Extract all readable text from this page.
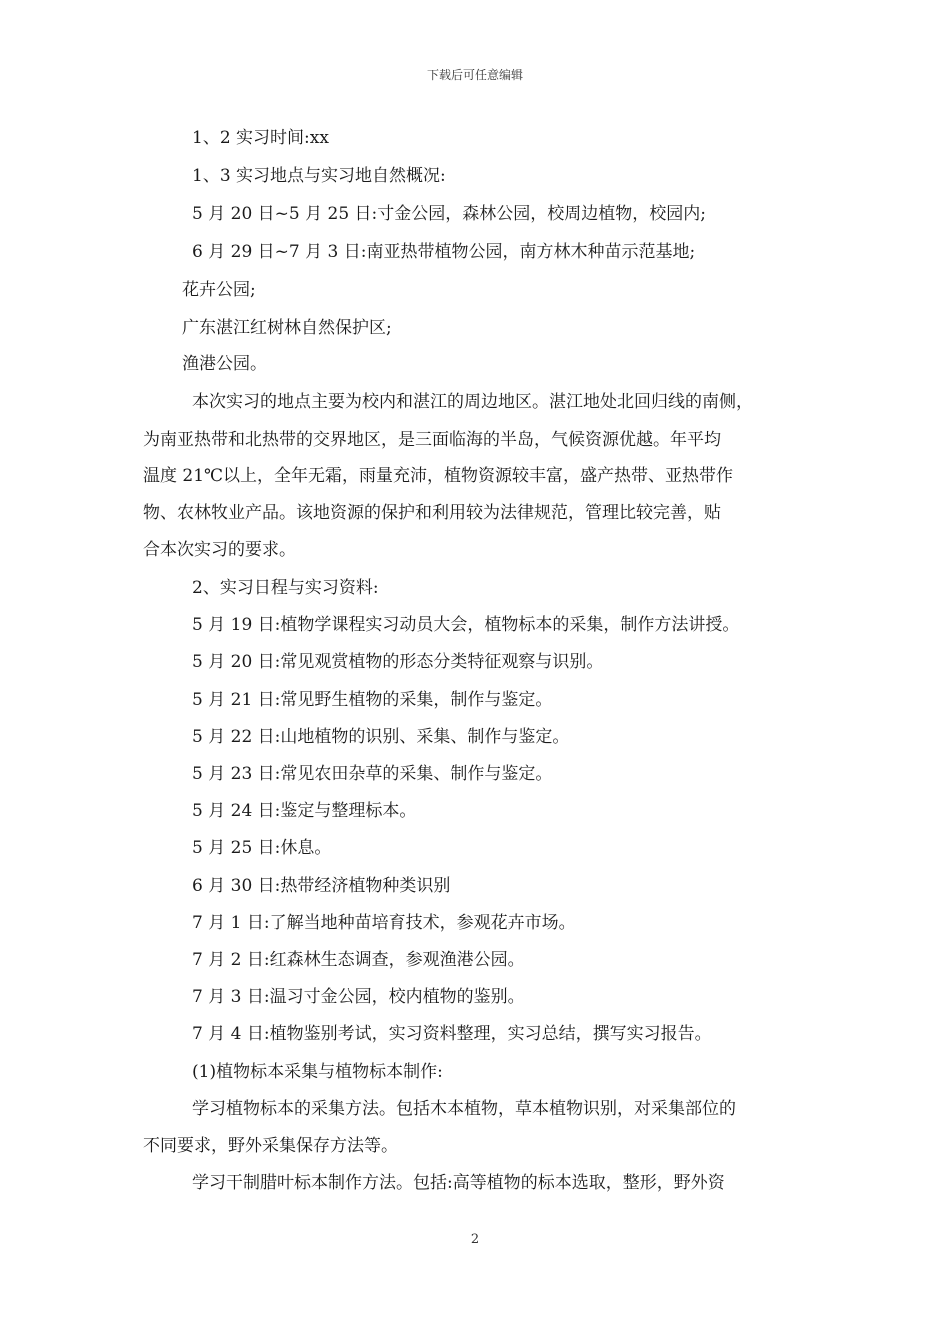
下载后可任意编辑
1、2 实习时间:xx
1、3 实习地点与实习地自然概况:
5 月 20 日~5 月 25 日:寸金公园，森林公园，校周边植物，校园内;
6 月 29 日~7 月 3 日:南亚热带植物公园，南方林木种苗示范基地;
花卉公园;
广东湛江红树林自然保护区;
渔港公园。
本次实习的地点主要为校内和湛江的周边地区。湛江地处北回归线的南侧，
为南亚热带和北热带的交界地区，是三面临海的半岛，气候资源优越。年平均
温度 21℃以上，全年无霜，雨量充沛，植物资源较丰富，盛产热带、亚热带作
物、农林牧业产品。该地资源的保护和利用较为法律规范，管理比较完善，贴
合本次实习的要求。
2、实习日程与实习资料:
5 月 19 日:植物学课程实习动员大会，植物标本的采集，制作方法讲授。
5 月 20 日:常见观赏植物的形态分类特征观察与识别。
5 月 21 日:常见野生植物的采集，制作与鉴定。
5 月 22 日:山地植物的识别、采集、制作与鉴定。
5 月 23 日:常见农田杂草的采集、制作与鉴定。
5 月 24 日:鉴定与整理标本。
5 月 25 日:休息。
6 月 30 日:热带经济植物种类识别
7 月 1 日:了解当地种苗培育技术，参观花卉市场。
7 月 2 日:红森林生态调查，参观渔港公园。
7 月 3 日:温习寸金公园，校内植物的鉴别。
7 月 4 日:植物鉴别考试，实习资料整理，实习总结，撰写实习报告。
(1)植物标本采集与植物标本制作:
学习植物标本的采集方法。包括木本植物，草本植物识别，对采集部位的
不同要求，野外采集保存方法等。
学习干制腊叶标本制作方法。包括:高等植物的标本选取，整形，野外资
2
